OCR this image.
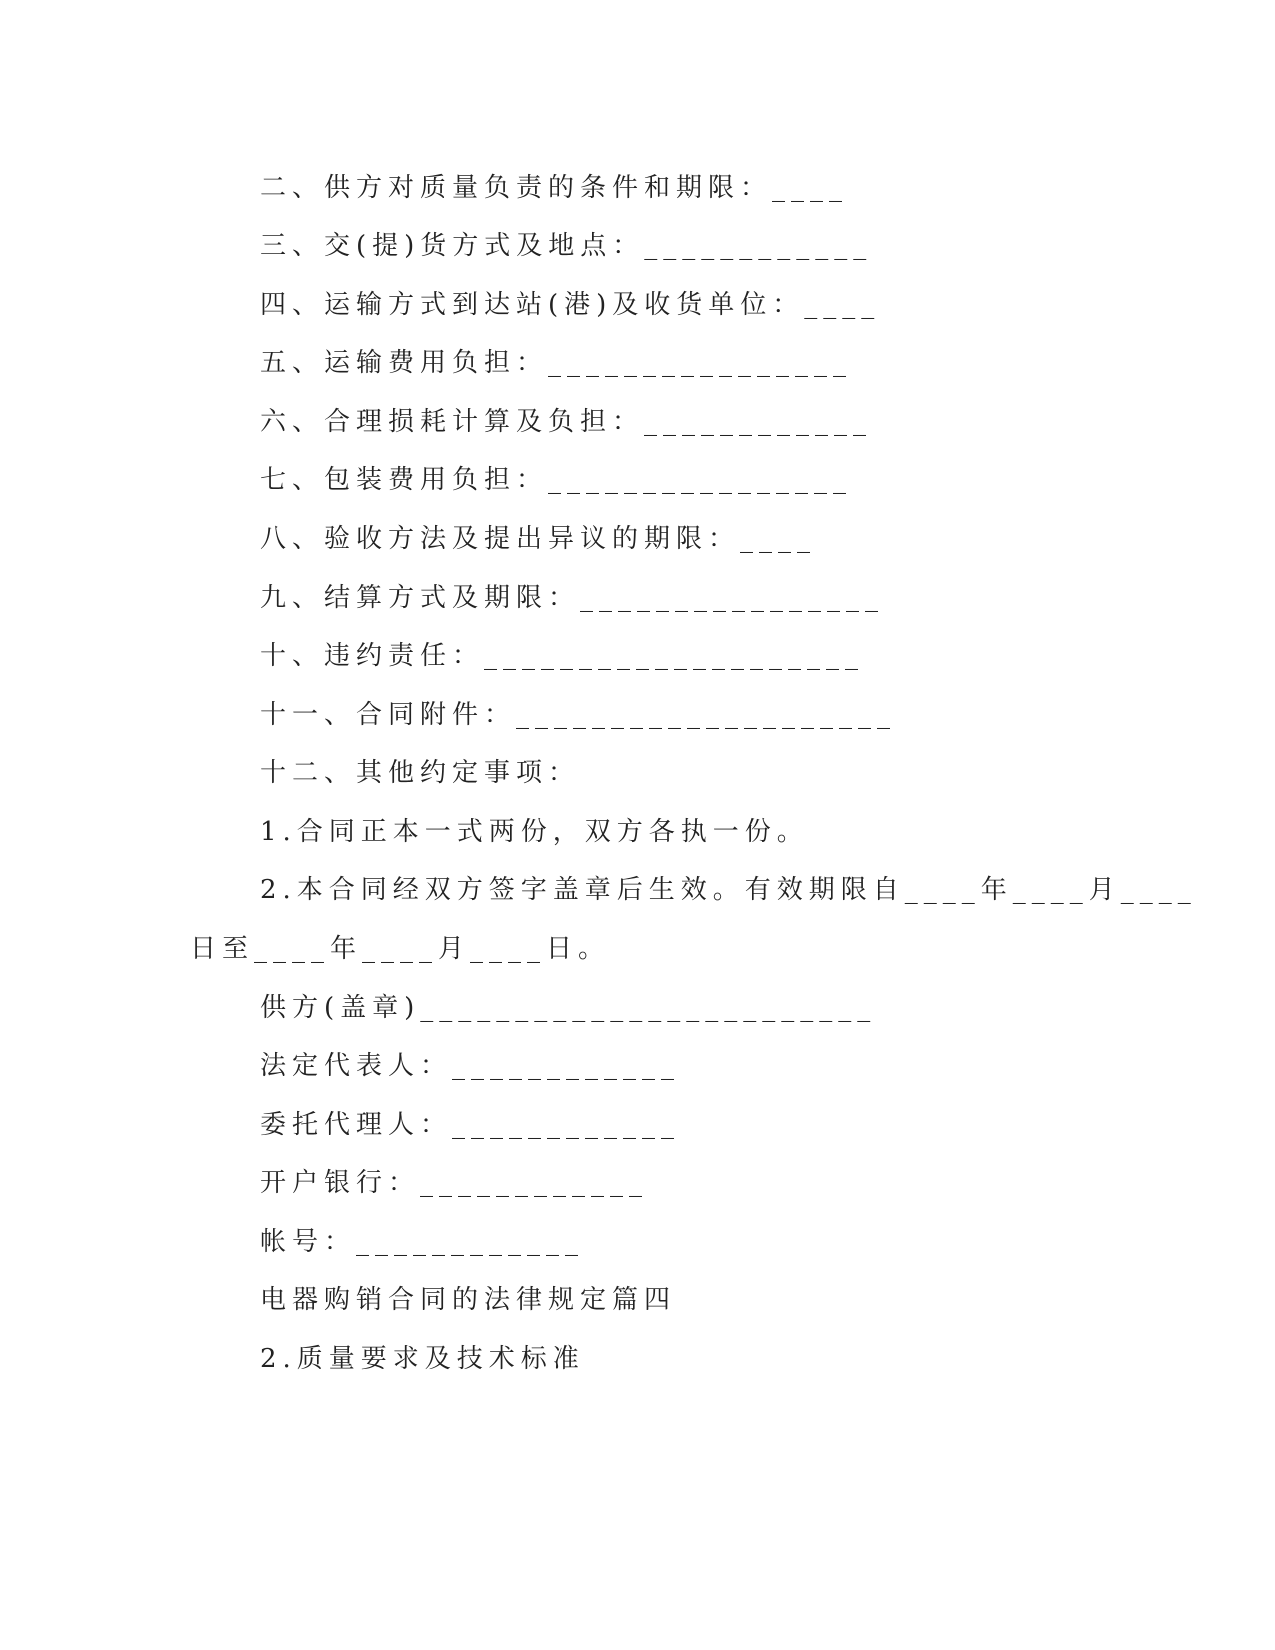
二、供方对质量负责的条件和期限：____

三、交(提)货方式及地点：____________

四、运输方式到达站(港)及收货单位：____

五、运输费用负担：________________

六、合理损耗计算及负担：____________

七、包装费用负担：________________

八、验收方法及提出异议的期限：____

九、结算方式及期限：________________

十、违约责任：____________________

十一、合同附件：____________________

十二、其他约定事项：

1.合同正本一式两份，双方各执一份。

2.本合同经双方签字盖章后生效。有效期限自____年____月____

日至____年____月____日。

供方(盖章)________________________

法定代表人：____________

委托代理人：____________

开户银行：____________

帐号：____________

电器购销合同的法律规定篇四

2.质量要求及技术标准
